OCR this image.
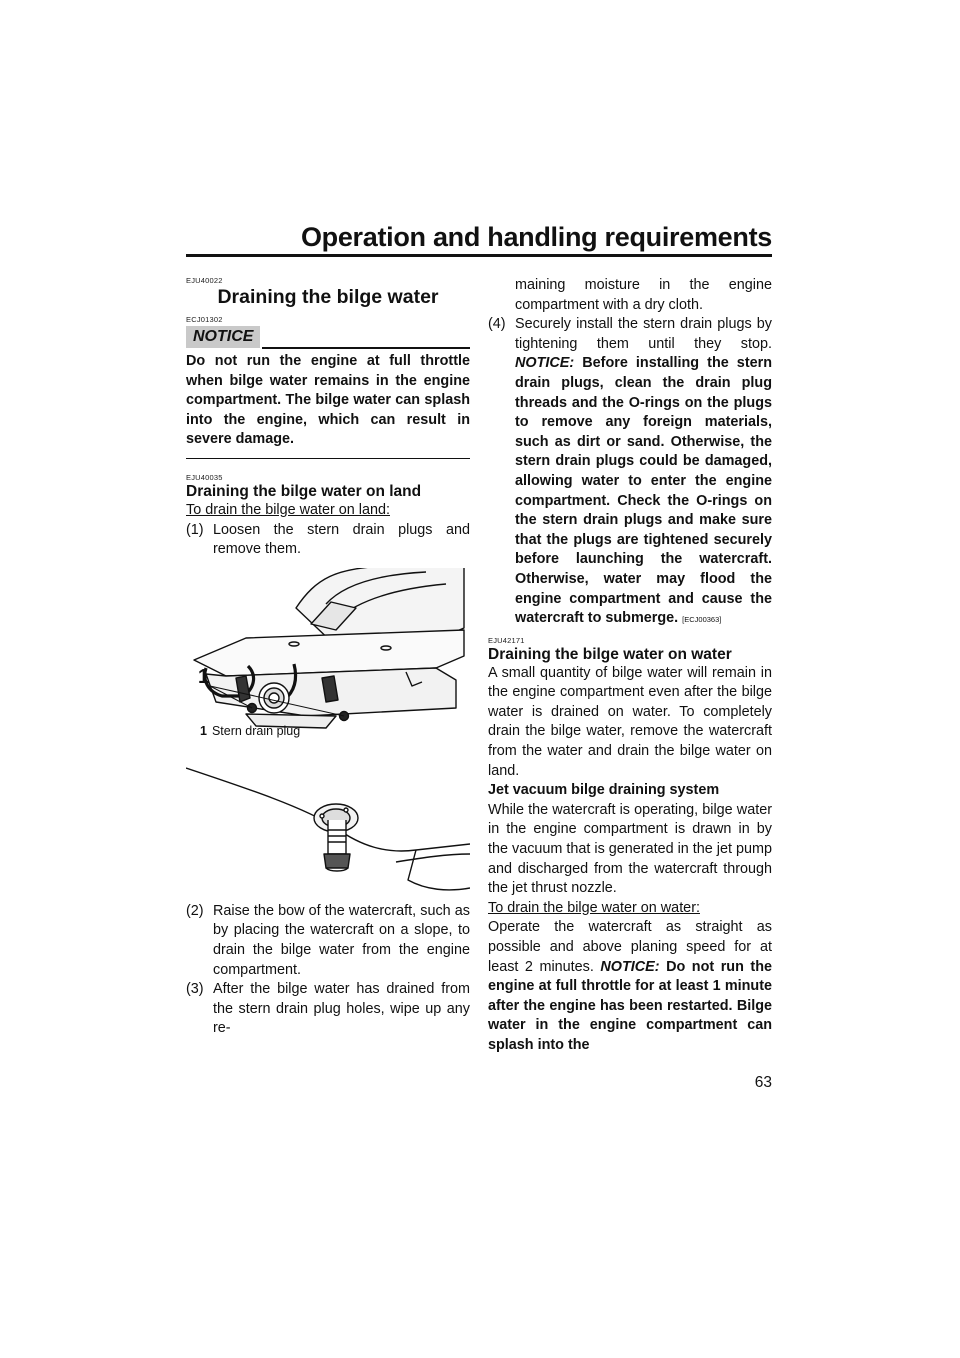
Operation and handling requirements
EJU40022
Draining the bilge water
ECJ01302
NOTICE

Do not run the engine at full throttle when bilge water remains in the engine compartment. The bilge water can splash into the engine, which can result in severe damage.

EJU40035
Draining the bilge water on land
To drain the bilge water on land:
(1) Loosen the stern drain plugs and remove them.
1
1 Stern drain plug
(2) Raise the bow of the watercraft, such as by placing the watercraft on a slope, to drain the bilge water from the engine compartment.
(3) After the bilge water has drained from the stern drain plug holes, wipe up any re-
maining moisture in the engine compartment with a dry cloth.
(4) Securely install the stern drain plugs by tightening them until they stop. NOTICE: Before installing the stern drain plugs, clean the drain plug threads and the O-rings on the plugs to remove any foreign materials, such as dirt or sand. Otherwise, the stern drain plugs could be damaged, allowing water to enter the engine compartment. Check the O-rings on the stern drain plugs and make sure that the plugs are tightened securely before launching the watercraft. Otherwise, water may flood the engine compartment and cause the watercraft to submerge. [ECJ00363]
EJU42171
Draining the bilge water on water

A small quantity of bilge water will remain in the engine compartment even after the bilge water is drained on water. To completely drain the bilge water, remove the watercraft from the water and drain the bilge water on land.

Jet vacuum bilge draining system

While the watercraft is operating, bilge water in the engine compartment is drawn in by the vacuum that is generated in the jet pump and discharged from the watercraft through the jet thrust nozzle.

To drain the bilge water on water:

Operate the watercraft as straight as possible and above planing speed for at least 2 minutes. NOTICE: Do not run the engine at full throttle for at least 1 minute after the engine has been restarted. Bilge water in the engine compartment can splash into the

63
